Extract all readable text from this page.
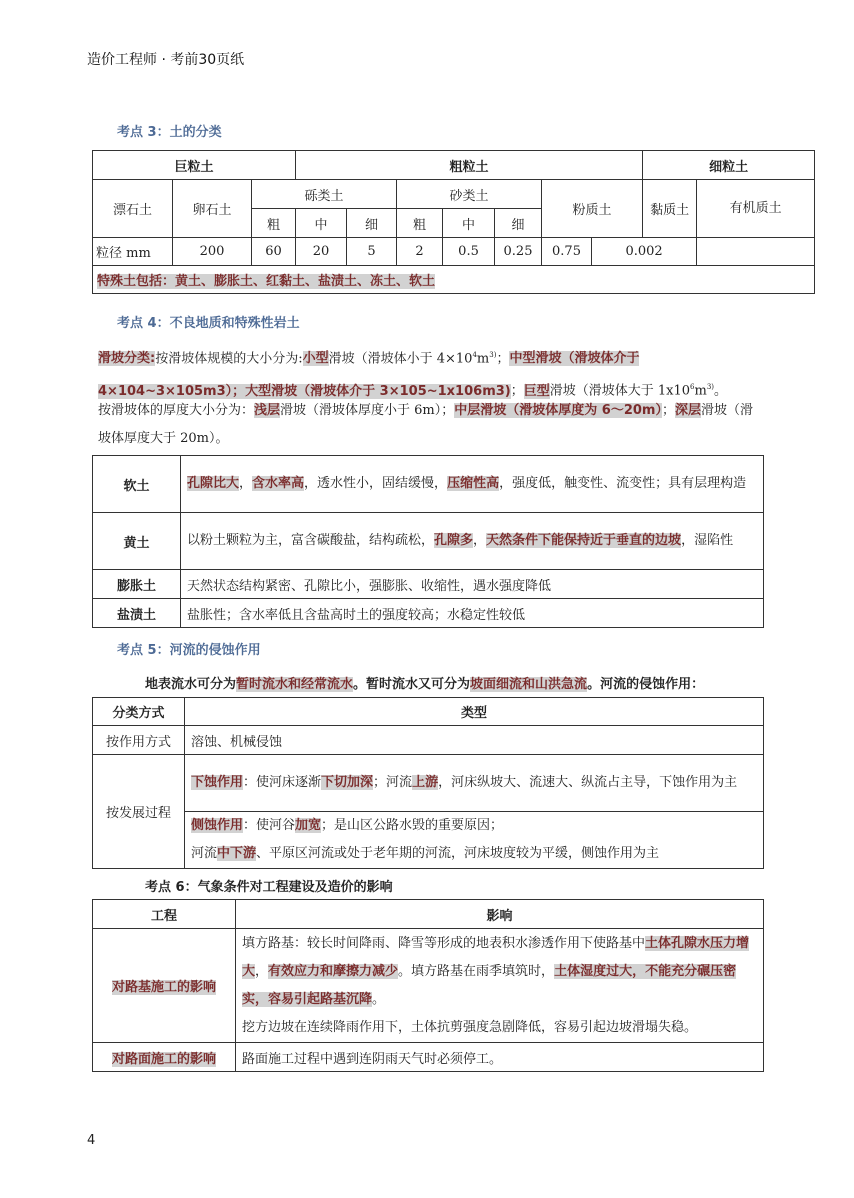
造价工程师 · 考前30页纸
考点 3：土的分类
巨粒土			粗粒土							细粒土	
漂石土	卵石土	砾类土			砂类土			粉质土		黏质土	有机质土
		粗	中	细	粗	中	细				
粒径 mm	200	60	20	5	2	0.5	0.25	0.75	0.002		
特殊土包括：黄土、膨胀土、红黏土、盐渍土、冻土、软土											
考点 4：不良地质和特殊性岩土
滑坡分类:按滑坡体规模的大小分为:小型滑坡（滑坡体小于 $4\times 10^4m^{3)}$；中型滑坡（滑坡体介于 4×104~3×105m3）；大型滑坡（滑坡体介于 3×105~1x106m3)；巨型滑坡（滑坡体大于 $1x10^6m^{3)}$。
按滑坡体的厚度大小分为：浅层滑坡（滑坡体厚度小于 6m）；中层滑坡（滑坡体厚度为 6～20m）；深层滑坡（滑坡体厚度大于 20m）。
软土	孔隙比大，含水率高，透水性小，固结缓慢，压缩性高，强度低，触变性、流变性；具有层理构造
黄土	以粉土颗粒为主，富含碳酸盐，结构疏松，孔隙多，天然条件下能保持近于垂直的边坡，湿陷性
膨胀土	天然状态结构紧密、孔隙比小，强膨胀、收缩性，遇水强度降低
盐渍土	盐胀性；含水率低且含盐高时土的强度较高；水稳定性较低
考点 5：河流的侵蚀作用
地表流水可分为暂时流水和经常流水。暂时流水又可分为坡面细流和山洪急流。河流的侵蚀作用：
分类方式	类型
按作用方式	溶蚀、机械侵蚀
按发展过程	下蚀作用：使河床逐渐下切加深；河流上游，河床纵坡大、流速大、纵流占主导，下蚀作用为主
	侧蚀作用：使河谷加宽；是山区公路水毁的重要原因；
河流中下游、平原区河流或处于老年期的河流，河床坡度较为平缓，侧蚀作用为主
考点 6：气象条件对工程建设及造价的影响
工程	影响
对路基施工的影响	填方路基：较长时间降雨、降雪等形成的地表积水渗透作用下使路基中土体孔隙水压力增大，有效应力和摩擦力减少。填方路基在雨季填筑时，土体湿度过大，不能充分碾压密实，容易引起路基沉降。
挖方边坡在连续降雨作用下，土体抗剪强度急剧降低，容易引起边坡滑塌失稳。
对路面施工的影响	路面施工过程中遇到连阴雨天气时必须停工。
4
